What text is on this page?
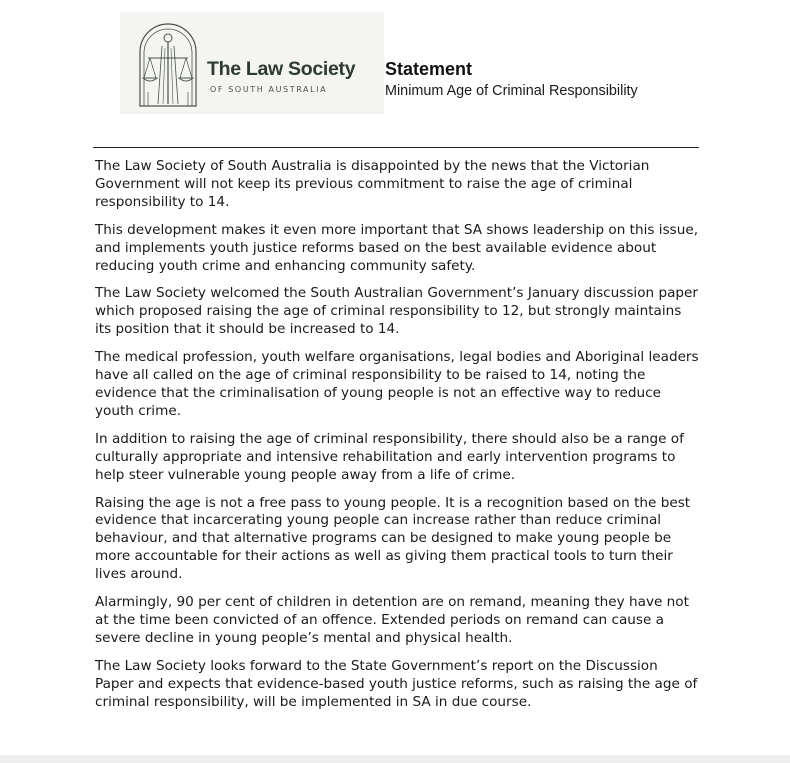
The Law Society
OF SOUTH AUSTRALIA
Statement
Minimum Age of Criminal Responsibility

The Law Society of South Australia is disappointed by the news that the Victorian Government will not keep its previous commitment to raise the age of criminal responsibility to 14.

This development makes it even more important that SA shows leadership on this issue, and implements youth justice reforms based on the best available evidence about reducing youth crime and enhancing community safety.

The Law Society welcomed the South Australian Government’s January discussion paper which proposed raising the age of criminal responsibility to 12, but strongly maintains its position that it should be increased to 14.

The medical profession, youth welfare organisations, legal bodies and Aboriginal leaders have all called on the age of criminal responsibility to be raised to 14, noting the evidence that the criminalisation of young people is not an effective way to reduce youth crime.

In addition to raising the age of criminal responsibility, there should also be a range of culturally appropriate and intensive rehabilitation and early intervention programs to help steer vulnerable young people away from a life of crime.

Raising the age is not a free pass to young people. It is a recognition based on the best evidence that incarcerating young people can increase rather than reduce criminal behaviour, and that alternative programs can be designed to make young people be more accountable for their actions as well as giving them practical tools to turn their lives around.

Alarmingly, 90 per cent of children in detention are on remand, meaning they have not at the time been convicted of an offence. Extended periods on remand can cause a severe decline in young people’s mental and physical health.

The Law Society looks forward to the State Government’s report on the Discussion Paper and expects that evidence-based youth justice reforms, such as raising the age of criminal responsibility, will be implemented in SA in due course.
